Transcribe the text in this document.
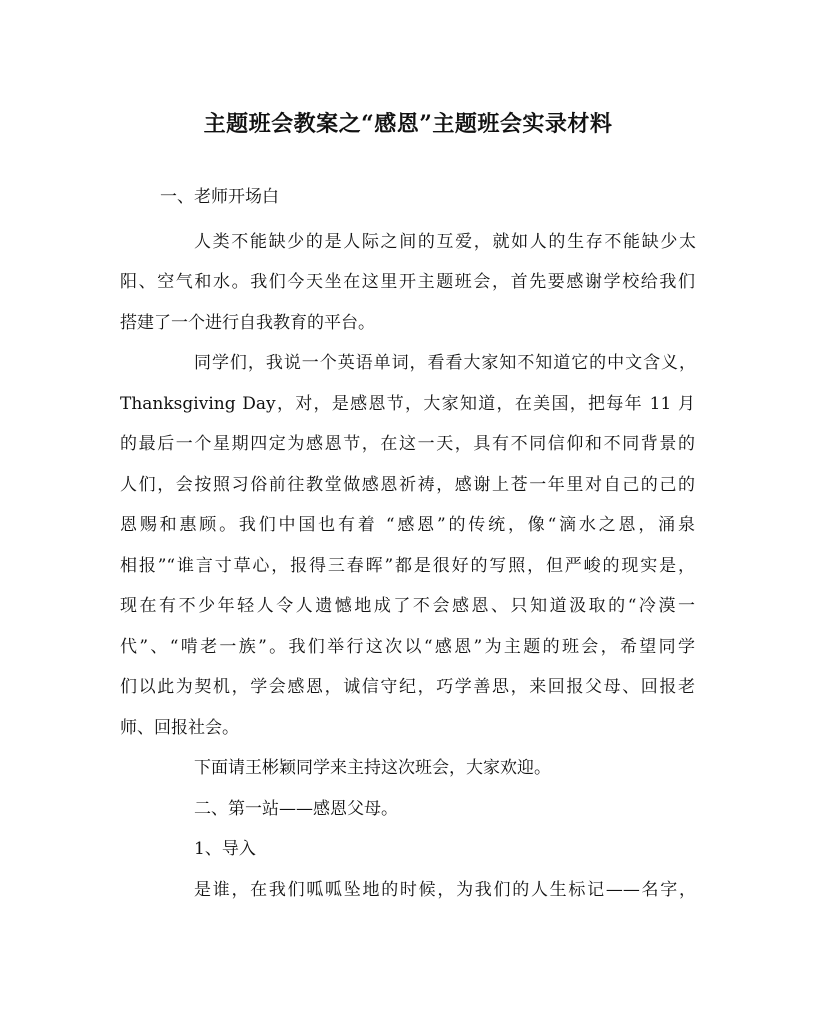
主题班会教案之“感恩”主题班会实录材料

一、老师开场白

人类不能缺少的是人际之间的互爱，就如人的生存不能缺少太

阳、空气和水。我们今天坐在这里开主题班会，首先要感谢学校给我们

搭建了一个进行自我教育的平台。

同学们，我说一个英语单词，看看大家知不知道它的中文含义，

Thanksgiving Day，对，是感恩节，大家知道，在美国，把每年 11 月

的最后一个星期四定为感恩节，在这一天，具有不同信仰和不同背景的

人们，会按照习俗前往教堂做感恩祈祷，感谢上苍一年里对自己的己的

恩赐和惠顾。我们中国也有着 “感恩”的传统，像“滴水之恩，涌泉

相报”“谁言寸草心，报得三春晖”都是很好的写照，但严峻的现实是，

现在有不少年轻人令人遗憾地成了不会感恩、只知道汲取的“冷漠一

代”、“啃老一族”。我们举行这次以“感恩”为主题的班会，希望同学

们以此为契机，学会感恩，诚信守纪，巧学善思，来回报父母、回报老

师、回报社会。

下面请王彬颖同学来主持这次班会，大家欢迎。

二、第一站——感恩父母。

1、导入

是谁，在我们呱呱坠地的时候，为我们的人生标记——名字，
